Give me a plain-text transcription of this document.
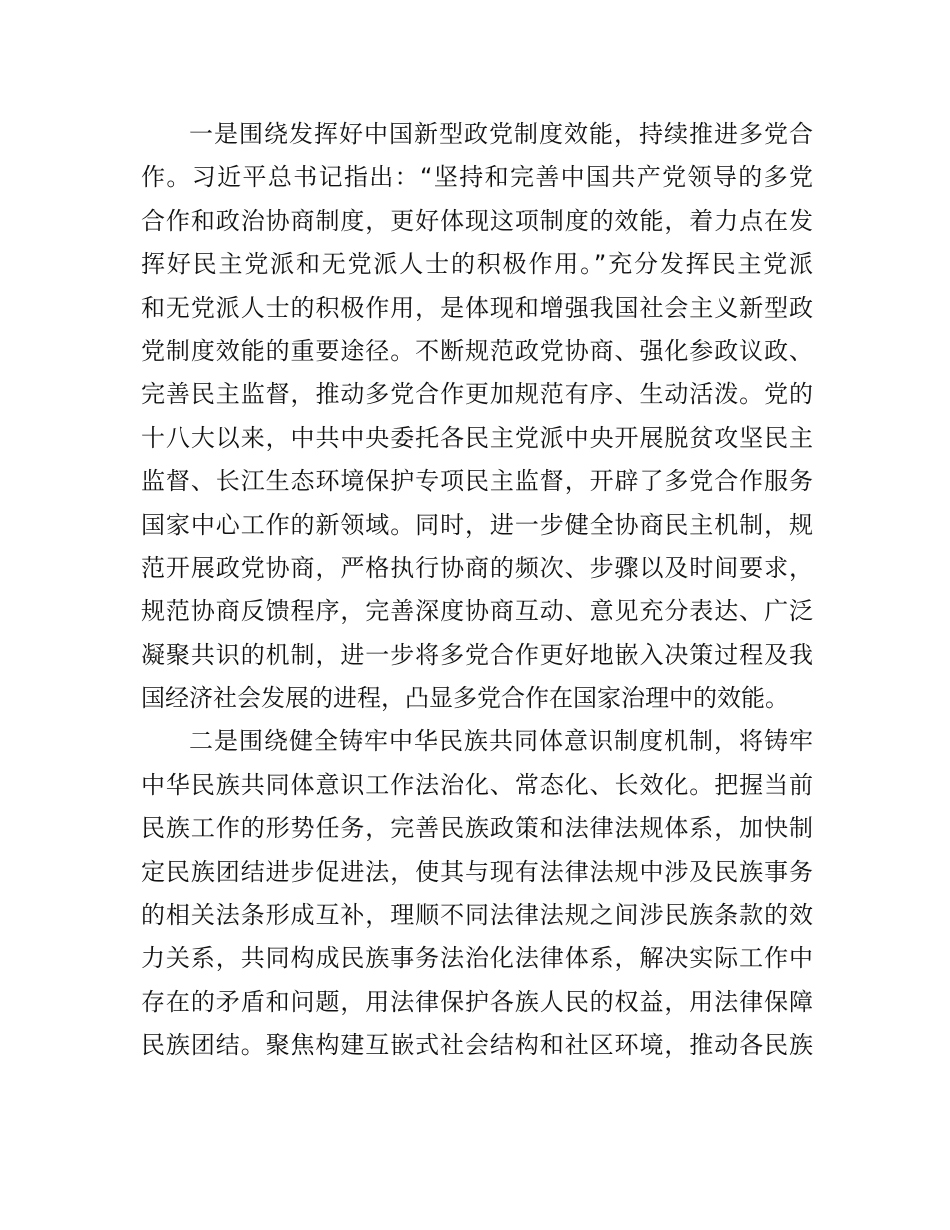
一是围绕发挥好中国新型政党制度效能，持续推进多党合
作。习近平总书记指出：“坚持和完善中国共产党领导的多党
合作和政治协商制度，更好体现这项制度的效能，着力点在发
挥好民主党派和无党派人士的积极作用。”充分发挥民主党派
和无党派人士的积极作用，是体现和增强我国社会主义新型政
党制度效能的重要途径。不断规范政党协商、强化参政议政、
完善民主监督，推动多党合作更加规范有序、生动活泼。党的
十八大以来，中共中央委托各民主党派中央开展脱贫攻坚民主
监督、长江生态环境保护专项民主监督，开辟了多党合作服务
国家中心工作的新领域。同时，进一步健全协商民主机制，规
范开展政党协商，严格执行协商的频次、步骤以及时间要求，
规范协商反馈程序，完善深度协商互动、意见充分表达、广泛
凝聚共识的机制，进一步将多党合作更好地嵌入决策过程及我
国经济社会发展的进程，凸显多党合作在国家治理中的效能。
二是围绕健全铸牢中华民族共同体意识制度机制，将铸牢
中华民族共同体意识工作法治化、常态化、长效化。把握当前
民族工作的形势任务，完善民族政策和法律法规体系，加快制
定民族团结进步促进法，使其与现有法律法规中涉及民族事务
的相关法条形成互补，理顺不同法律法规之间涉民族条款的效
力关系，共同构成民族事务法治化法律体系，解决实际工作中
存在的矛盾和问题，用法律保护各族人民的权益，用法律保障
民族团结。聚焦构建互嵌式社会结构和社区环境，推动各民族
